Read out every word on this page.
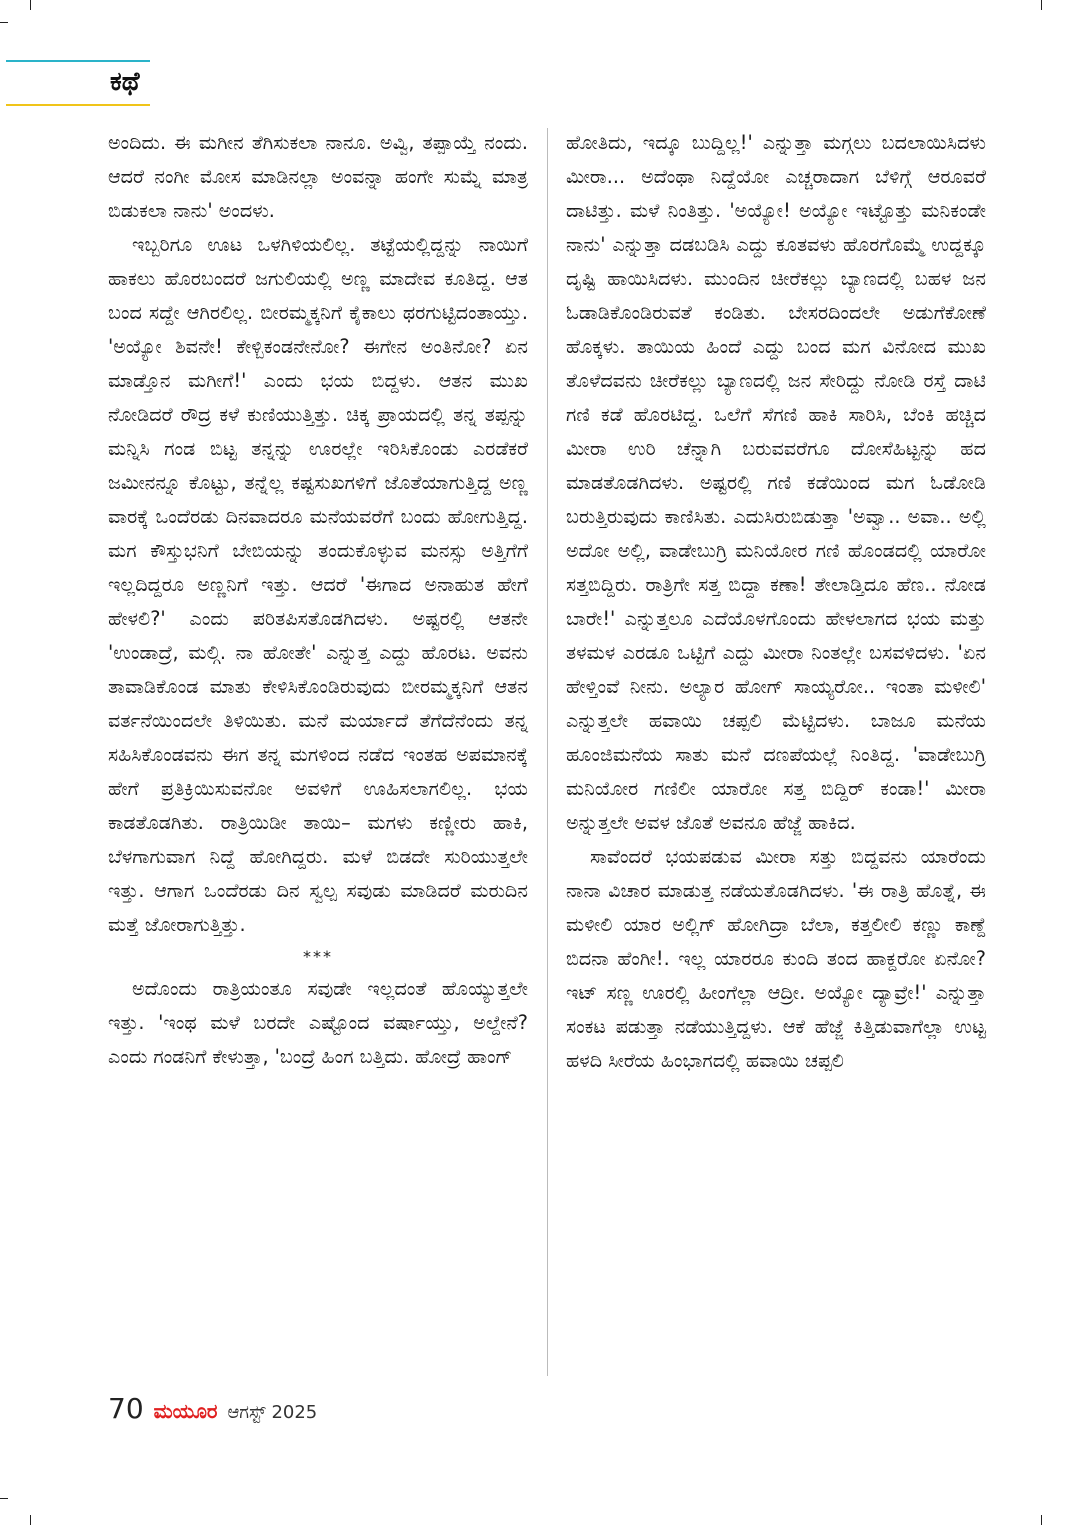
ಕಥೆ

ಅಂದಿದು. ಈ ಮಗೀನ ತೆಗಿಸುಕಲಾ ನಾನೂ. ಅವ್ವಿ, ತಪ್ಪಾಯ್ತೆ ನಂದು. ಆದರೆ ನಂಗೀ ಮೋಸ ಮಾಡಿನಲ್ಲಾ ಅಂವನ್ನಾ ಹಂಗೇ ಸುಮ್ನೆ ಮಾತ್ರ ಬಿಡುಕಲಾ ನಾನು' ಅಂದಳು.

ಇಬ್ಬರಿಗೂ ಊಟ ಒಳಗಿಳಿಯಲಿಲ್ಲ. ತಟ್ಟೆಯಲ್ಲಿದ್ದನ್ನು ನಾಯಿಗೆ ಹಾಕಲು ಹೊರಬಂದರೆ ಜಗುಲಿಯಲ್ಲಿ ಅಣ್ಣ ಮಾದೇವ ಕೂತಿದ್ದ. ಆತ ಬಂದ ಸದ್ದೇ ಆಗಿರಲಿಲ್ಲ. ಬೀರಮ್ಮಕ್ಕನಿಗೆ ಕೈಕಾಲು ಥರಗುಟ್ಟಿದಂತಾಯ್ತು. 'ಅಯ್ಯೋ ಶಿವನೇ! ಕೇಳ್ಬಿಕಂಡನೇನೋ? ಈಗೇನ ಅಂತಿನೋ? ಏನ ಮಾಡ್ತೊನ ಮಗೀಗೆ!' ಎಂದು ಭಯ ಬಿದ್ದಳು. ಆತನ ಮುಖ ನೋಡಿದರೆ ರೌದ್ರ ಕಳೆ ಕುಣಿಯುತ್ತಿತ್ತು. ಚಿಕ್ಕ ಪ್ರಾಯದಲ್ಲಿ ತನ್ನ ತಪ್ಪನ್ನು ಮನ್ನಿಸಿ ಗಂಡ ಬಿಟ್ಟ ತನ್ನನ್ನು ಊರಲ್ಲೇ ಇರಿಸಿಕೊಂಡು ಎರಡೆಕರೆ ಜಮೀನನ್ನೂ ಕೊಟ್ಟು, ತನ್ನೆಲ್ಲ ಕಷ್ಟಸುಖಗಳಿಗೆ ಜೊತೆಯಾಗುತ್ತಿದ್ದ ಅಣ್ಣ ವಾರಕ್ಕೆ ಒಂದೆರಡು ದಿನವಾದರೂ ಮನೆಯವರೆಗೆ ಬಂದು ಹೋಗುತ್ತಿದ್ದ. ಮಗ ಕೌಸ್ತುಭನಿಗೆ ಬೇಬಿಯನ್ನು ತಂದುಕೊಳ್ಳುವ ಮನಸ್ಸು ಅತ್ತಿಗೆಗೆ ಇಲ್ಲದಿದ್ದರೂ ಅಣ್ಣನಿಗೆ ಇತ್ತು. ಆದರೆ 'ಈಗಾದ ಅನಾಹುತ ಹೇಗೆ ಹೇಳಲಿ?' ಎಂದು ಪರಿತಪಿಸತೊಡಗಿದಳು. ಅಷ್ಟರಲ್ಲಿ ಆತನೇ 'ಉಂಡಾದ್ರೆ, ಮಲ್ಗಿ. ನಾ ಹೋತೇ' ಎನ್ನುತ್ತ ಎದ್ದು ಹೊರಟ. ಅವನು ತಾವಾಡಿಕೊಂಡ ಮಾತು ಕೇಳಿಸಿಕೊಂಡಿರುವುದು ಬೀರಮ್ಮಕ್ಕನಿಗೆ ಆತನ ವರ್ತನೆಯಿಂದಲೇ ತಿಳಿಯಿತು. ಮನೆ ಮರ್ಯಾದೆ ತೆಗೆದೆನೆಂದು ತನ್ನ ಸಹಿಸಿಕೊಂಡವನು ಈಗ ತನ್ನ ಮಗಳಿಂದ ನಡೆದ ಇಂತಹ ಅಪಮಾನಕ್ಕೆ ಹೇಗೆ ಪ್ರತಿಕ್ರಿಯಿಸುವನೋ ಅವಳಿಗೆ ಊಹಿಸಲಾಗಲಿಲ್ಲ. ಭಯ ಕಾಡತೊಡಗಿತು. ರಾತ್ರಿಯಿಡೀ ತಾಯಿ– ಮಗಳು ಕಣ್ಣೀರು ಹಾಕಿ, ಬೆಳಗಾಗುವಾಗ ನಿದ್ದೆ ಹೋಗಿದ್ದರು. ಮಳೆ ಬಿಡದೇ ಸುರಿಯುತ್ತಲೇ ಇತ್ತು. ಆಗಾಗ ಒಂದೆರಡು ದಿನ ಸ್ವಲ್ಪ ಸವುಡು ಮಾಡಿದರೆ ಮರುದಿನ ಮತ್ತೆ ಜೋರಾಗುತ್ತಿತ್ತು.

***

ಅದೊಂದು ರಾತ್ರಿಯಂತೂ ಸವುಡೇ ಇಲ್ಲದಂತೆ ಹೊಯ್ಯುತ್ತಲೇ ಇತ್ತು. 'ಇಂಥ ಮಳೆ ಬರದೇ ಎಷ್ಟೊಂದ ವರ್ಷಾಯ್ತು, ಅಲ್ದೇನೆ? ಎಂದು ಗಂಡನಿಗೆ ಕೇಳುತ್ತಾ, 'ಬಂದ್ರೆ ಹಿಂಗ ಬತ್ತಿದು. ಹೋದ್ರೆ ಹಾಂಗ್

ಹೋತಿದು, ಇದ್ಕೂ ಬುದ್ದಿಲ್ಲ!' ಎನ್ನುತ್ತಾ ಮಗ್ಗಲು ಬದಲಾಯಿಸಿದಳು ಮೀರಾ... ಅದೆಂಥಾ ನಿದ್ದೆಯೋ ಎಚ್ಚರಾದಾಗ ಬೆಳಿಗ್ಗೆ ಆರೂವರೆ ದಾಟಿತ್ತು. ಮಳೆ ನಿಂತಿತ್ತು. 'ಅಯ್ಯೋ! ಅಯ್ಯೋ ಇಟ್ಟೊತ್ತು ಮನಿಕಂಡೇ ನಾನು' ಎನ್ನುತ್ತಾ ದಡಬಡಿಸಿ ಎದ್ದು ಕೂತವಳು ಹೊರಗೊಮ್ಮೆ ಉದ್ದಕ್ಕೂ ದೃಷ್ಟಿ ಹಾಯಿಸಿದಳು. ಮುಂದಿನ ಚೀರೆಕಲ್ಲು ಬ್ಯಾಣದಲ್ಲಿ ಬಹಳ ಜನ ಓಡಾಡಿಕೊಂಡಿರುವತೆ ಕಂಡಿತು. ಬೇಸರದಿಂದಲೇ ಅಡುಗೆಕೋಣೆ ಹೊಕ್ಕಳು. ತಾಯಿಯ ಹಿಂದೆ ಎದ್ದು ಬಂದ ಮಗ ವಿನೋದ ಮುಖ ತೊಳೆದವನು ಚೀರೆಕಲ್ಲು ಬ್ಯಾಣದಲ್ಲಿ ಜನ ಸೇರಿದ್ದು ನೋಡಿ ರಸ್ತೆ ದಾಟಿ ಗಣಿ ಕಡೆ ಹೊರಟಿದ್ದ. ಒಲೆಗೆ ಸೆಗಣಿ ಹಾಕಿ ಸಾರಿಸಿ, ಬೆಂಕಿ ಹಚ್ಚಿದ ಮೀರಾ ಉರಿ ಚೆನ್ನಾಗಿ ಬರುವವರೆಗೂ ದೋಸೆಹಿಟ್ಟನ್ನು ಹದ ಮಾಡತೊಡಗಿದಳು. ಅಷ್ಟರಲ್ಲಿ ಗಣಿ ಕಡೆಯಿಂದ ಮಗ ಓಡೋಡಿ ಬರುತ್ತಿರುವುದು ಕಾಣಿಸಿತು. ಎದುಸಿರುಬಿಡುತ್ತಾ 'ಅವ್ವಾ.. ಅವಾ.. ಅಲ್ಲಿ ಅದೋ ಅಲ್ಲಿ, ವಾಡೇಬುಗ್ರಿ ಮನಿಯೋರ ಗಣಿ ಹೊಂಡದಲ್ಲಿ ಯಾರೋ ಸತ್ತಬಿದ್ದಿರು. ರಾತ್ರಿಗೇ ಸತ್ತ ಬಿದ್ದಾ ಕಣಾ! ತೇಲಾಡ್ತಿದೂ ಹೆಣ.. ನೋಡ ಬಾರೇ!' ಎನ್ನುತ್ತಲೂ ಎದೆಯೊಳಗೊಂದು ಹೇಳಲಾಗದ ಭಯ ಮತ್ತು ತಳಮಳ ಎರಡೂ ಒಟ್ಟಿಗೆ ಎದ್ದು ಮೀರಾ ನಿಂತಲ್ಲೇ ಬಸವಳಿದಳು. 'ಏನ ಹೇಳ್ತಿಂವೆ ನೀನು. ಅಲ್ಯಾರ ಹೋಗ್ ಸಾಯ್ಯರೋ.. ಇಂತಾ ಮಳೀಲಿ' ಎನ್ನುತ್ತಲೇ ಹವಾಯಿ ಚಪ್ಪಲಿ ಮೆಟ್ಟಿದಳು. ಬಾಜೂ ಮನೆಯ ಹೂಂಜಿಮನೆಯ ಸಾತು ಮನೆ ದಣಪೆಯಲ್ಲೆ ನಿಂತಿದ್ದ. 'ವಾಡೇಬುಗ್ರಿ ಮನಿಯೋರ ಗಣಿಲೀ ಯಾರೋ ಸತ್ತ ಬಿದ್ದಿರ್ ಕಂಡಾ!' ಮೀರಾ ಅನ್ನುತ್ತಲೇ ಅವಳ ಜೊತೆ ಅವನೂ ಹೆಜ್ಜೆ ಹಾಕಿದ.

ಸಾವೆಂದರೆ ಭಯಪಡುವ ಮೀರಾ ಸತ್ತು ಬಿದ್ದವನು ಯಾರೆಂದು ನಾನಾ ವಿಚಾರ ಮಾಡುತ್ತ ನಡೆಯತೊಡಗಿದಳು. 'ಈ ರಾತ್ರಿ ಹೊತ್ನೆ, ಈ ಮಳೀಲಿ ಯಾರ ಅಲ್ಲಿಗ್ ಹೋಗಿದ್ರಾ ಬೆಲಾ, ಕತ್ತಲೀಲಿ ಕಣ್ಣು ಕಾಣ್ದೆ ಬಿದನಾ ಹೆಂಗೀ!. ಇಲ್ಲ ಯಾರರೂ ಕುಂದಿ ತಂದ ಹಾಕ್ದರೋ ಏನೋ? ಇಟ್ ಸಣ್ಣ ಊರಲ್ಲಿ ಹೀಂಗೆಲ್ಲಾ ಆದ್ರೀ. ಅಯ್ಯೋ ದ್ಯಾವ್ರೇ!' ಎನ್ನುತ್ತಾ ಸಂಕಟ ಪಡುತ್ತಾ ನಡೆಯುತ್ತಿದ್ದಳು. ಆಕೆ ಹೆಜ್ಜೆ ಕಿತ್ತಿಡುವಾಗೆಲ್ಲಾ ಉಟ್ಟ ಹಳದಿ ಸೀರೆಯ ಹಿಂಭಾಗದಲ್ಲಿ ಹವಾಯಿ ಚಪ್ಪಲಿ

70 ಮಯೂರ ಆಗಸ್ಟ್ 2025
